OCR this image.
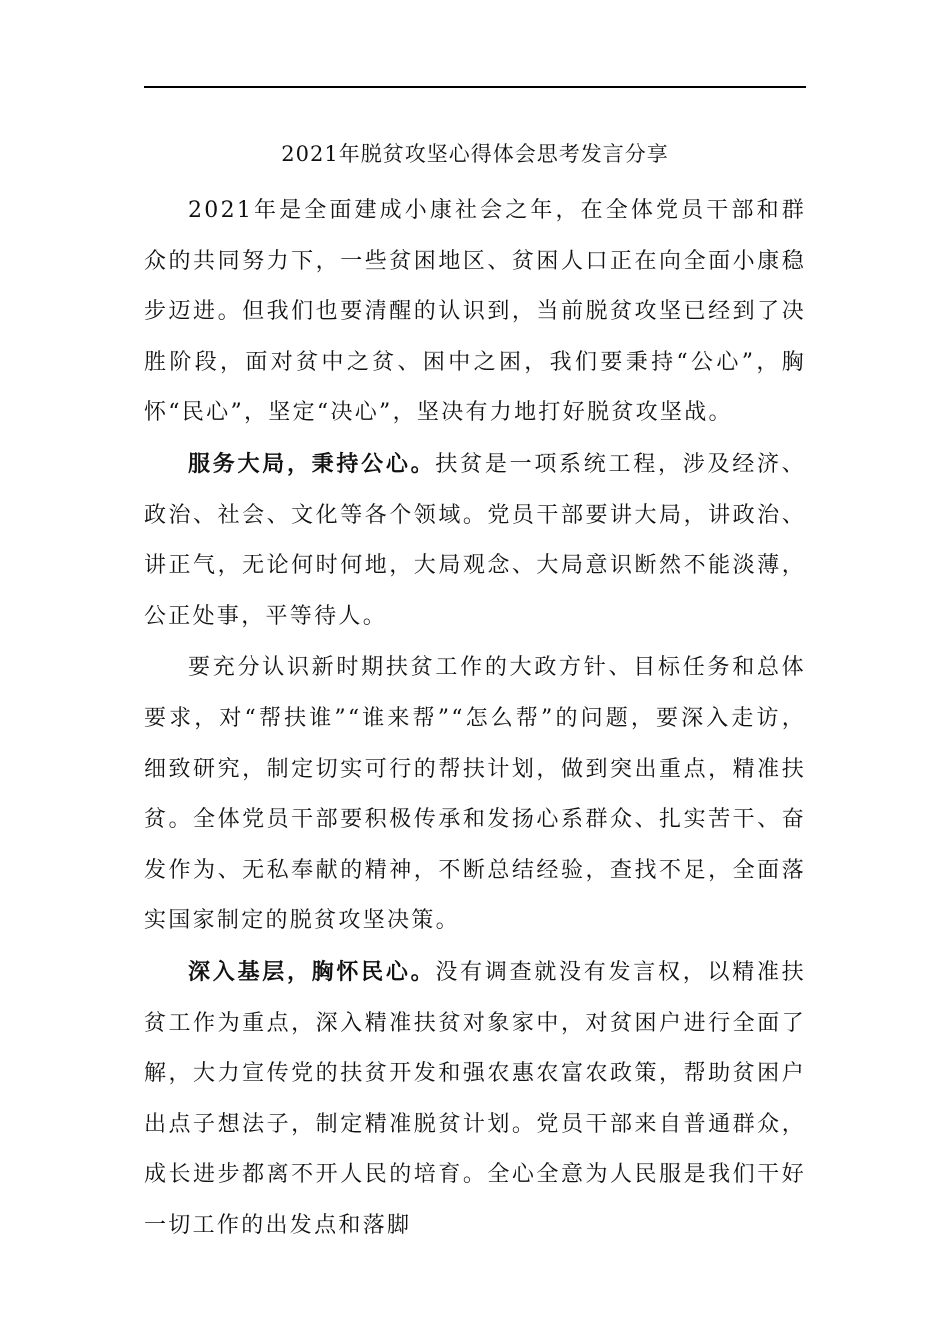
2021年脱贫攻坚心得体会思考发言分享

2021年是全面建成小康社会之年，在全体党员干部和群众的共同努力下，一些贫困地区、贫困人口正在向全面小康稳步迈进。但我们也要清醒的认识到，当前脱贫攻坚已经到了决胜阶段，面对贫中之贫、困中之困，我们要秉持“公心”，胸怀“民心”，坚定“决心”，坚决有力地打好脱贫攻坚战。

服务大局，秉持公心。扶贫是一项系统工程，涉及经济、政治、社会、文化等各个领域。党员干部要讲大局，讲政治、讲正气，无论何时何地，大局观念、大局意识断然不能淡薄，公正处事，平等待人。

要充分认识新时期扶贫工作的大政方针、目标任务和总体要求，对“帮扶谁”“谁来帮”“怎么帮”的问题，要深入走访，细致研究，制定切实可行的帮扶计划，做到突出重点，精准扶贫。全体党员干部要积极传承和发扬心系群众、扎实苦干、奋发作为、无私奉献的精神，不断总结经验，查找不足，全面落实国家制定的脱贫攻坚决策。

深入基层，胸怀民心。没有调查就没有发言权，以精准扶贫工作为重点，深入精准扶贫对象家中，对贫困户进行全面了解，大力宣传党的扶贫开发和强农惠农富农政策，帮助贫困户出点子想法子，制定精准脱贫计划。党员干部来自普通群众，成长进步都离不开人民的培育。全心全意为人民服是我们干好一切工作的出发点和落脚
